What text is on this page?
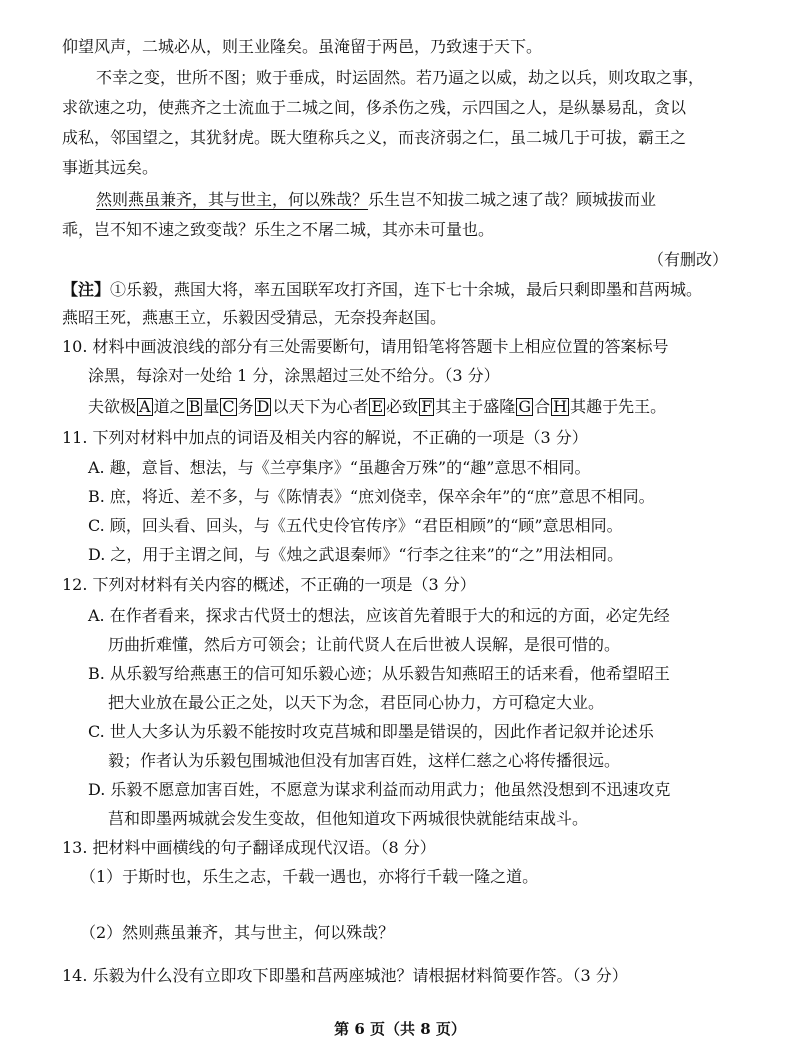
仰望风声，二城必从，则王业隆矣。虽淹留于两邑，乃致速于天下。
不幸之变，世所不图；败于垂成，时运固然。若乃逼之以威，劫之以兵，则攻取之事，
求欲速之功，使燕齐之士流血于二城之间，侈杀伤之残，示四国之人，是纵暴易乱，贪以
成私，邻国望之，其犹豺虎。既大堕称兵之义，而丧济弱之仁，虽二城几于可拔，霸王之
事逝其远矣。
然则燕虽兼齐，其与世主，何以殊哉？乐生岂不知拔二城之速了哉？顾城拔而业
乖，岂不知不速之致变哉？乐生之不屠二城，其亦未可量也。
（有删改）
【注】①乐毅，燕国大将，率五国联军攻打齐国，连下七十余城，最后只剩即墨和莒两城。
燕昭王死，燕惠王立，乐毅因受猜忌，无奈投奔赵国。
10. 材料中画波浪线的部分有三处需要断句，请用铅笔将答题卡上相应位置的答案标号
涂黑，每涂对一处给 1 分，涂黑超过三处不给分。（3 分）
夫欲极 A 道之 B 量 C 务 D 以天下为心者 E 必致 F 其主于盛隆 G 合 H 其趣于先王。
11. 下列对材料中加点的词语及相关内容的解说，不正确的一项是（3 分）
A. 趣，意旨、想法，与《兰亭集序》“虽趣舍万殊”的“趣”意思不相同。
B. 庶，将近、差不多，与《陈情表》“庶刘侥幸，保卒余年”的“庶”意思不相同。
C. 顾，回头看、回头，与《五代史伶官传序》“君臣相顾”的“顾”意思相同。
D. 之，用于主谓之间，与《烛之武退秦师》“行李之往来”的“之”用法相同。
12. 下列对材料有关内容的概述，不正确的一项是（3 分）
A. 在作者看来，探求古代贤士的想法，应该首先着眼于大的和远的方面，必定先经
历曲折难懂，然后方可领会；让前代贤人在后世被人误解，是很可惜的。
B. 从乐毅写给燕惠王的信可知乐毅心迹；从乐毅告知燕昭王的话来看，他希望昭王
把大业放在最公正之处，以天下为念，君臣同心协力，方可稳定大业。
C. 世人大多认为乐毅不能按时攻克莒城和即墨是错误的，因此作者记叙并论述乐
毅；作者认为乐毅包围城池但没有加害百姓，这样仁慈之心将传播很远。
D. 乐毅不愿意加害百姓，不愿意为谋求利益而动用武力；他虽然没想到不迅速攻克
莒和即墨两城就会发生变故，但他知道攻下两城很快就能结束战斗。
13. 把材料中画横线的句子翻译成现代汉语。（8 分）
（1）于斯时也，乐生之志，千载一遇也，亦将行千载一隆之道。
（2）然则燕虽兼齐，其与世主，何以殊哉？
14. 乐毅为什么没有立即攻下即墨和莒两座城池？请根据材料简要作答。（3 分）
第 6 页（共 8 页）
